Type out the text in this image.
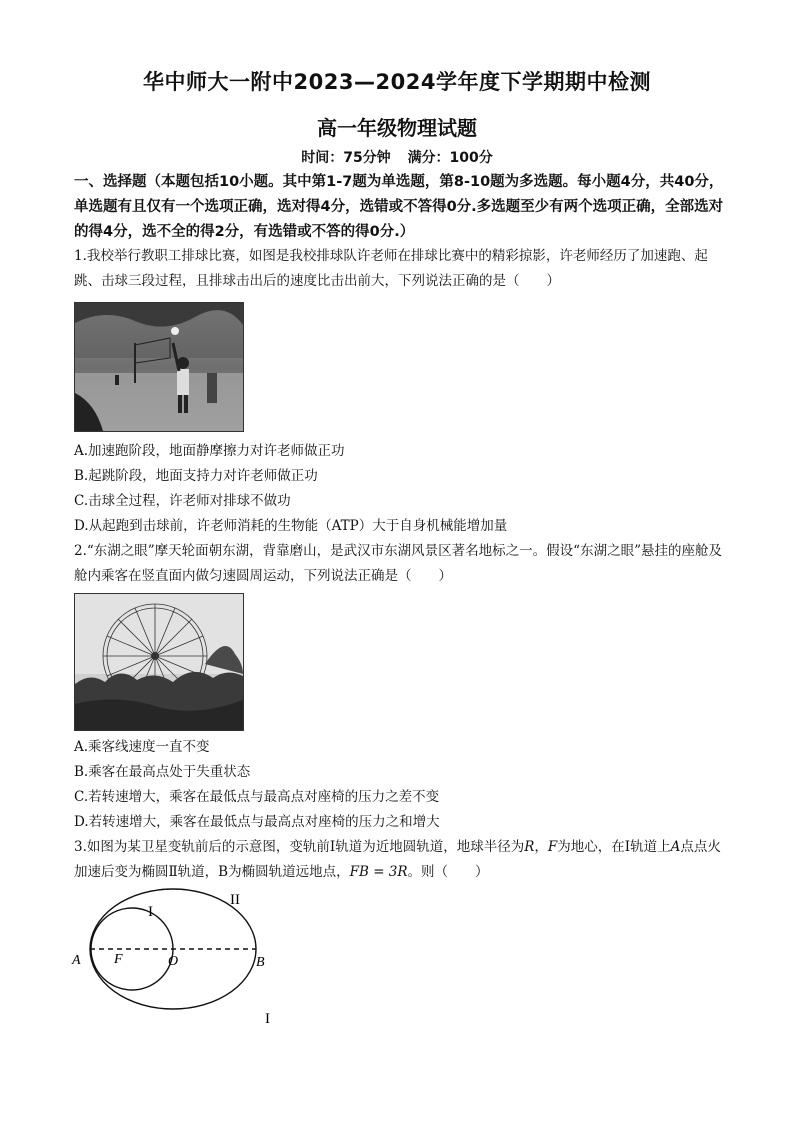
华中师大一附中2023—2024学年度下学期期中检测
高一年级物理试题
时间：75分钟 满分：100分
一、选择题（本题包括10小题。其中第1-7题为单选题，第8-10题为多选题。每小题4分，共40分，单选题有且仅有一个选项正确，选对得4分，选错或不答得0分.多选题至少有两个选项正确，全部选对的得4分，选不全的得2分，有选错或不答的得0分.）
1.我校举行教职工排球比赛，如图是我校排球队许老师在排球比赛中的精彩掠影，许老师经历了加速跑、起跳、击球三段过程，且排球击出后的速度比击出前大，下列说法正确的是（　　）
A.加速跑阶段，地面静摩擦力对许老师做正功
B.起跳阶段，地面支持力对许老师做正功
C.击球全过程，许老师对排球不做功
D.从起跑到击球前，许老师消耗的生物能（ATP）大于自身机械能增加量
2.“东湖之眼”摩天轮面朝东湖，背靠磨山，是武汉市东湖风景区著名地标之一。假设“东湖之眼”悬挂的座舱及舱内乘客在竖直面内做匀速圆周运动，下列说法正确是（　　）
A.乘客线速度一直不变
B.乘客在最高点处于失重状态
C.若转速增大，乘客在最低点与最高点对座椅的压力之差不变
D.若转速增大，乘客在最低点与最高点对座椅的压力之和增大
3.如图为某卫星变轨前后的示意图，变轨前Ⅰ轨道为近地圆轨道，地球半径为R，F为地心，在Ⅰ轨道上A点点火加速后变为椭圆Ⅱ轨道，B为椭圆轨道远地点，FB = 3R。则（　　）
I
II
A F	O	B
I
